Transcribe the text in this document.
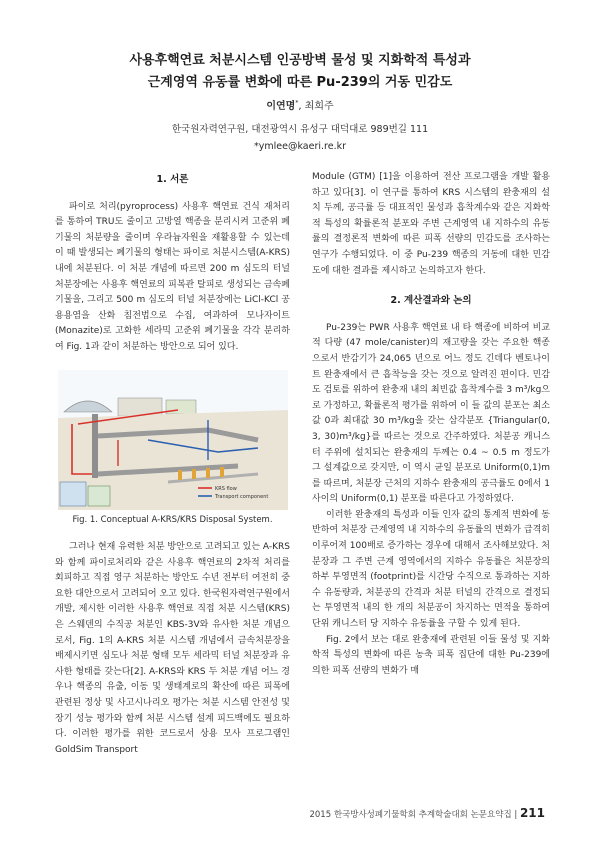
사용후핵연료 처분시스템 인공방벽 물성 및 지화학적 특성과
근계영역 유동률 변화에 따른 Pu-239의 거동 민감도
이연명*, 최희주
한국원자력연구원, 대전광역시 유성구 대덕대로 989번길 111
*ymlee@kaeri.re.kr
1. 서론

파이로 처리(pyroprocess) 사용후 핵연료 건식 재처리를 통하여 TRU도 줄이고 고방열 핵종을 분리시켜 고준위 폐기물의 처분량을 줄이며 우라늄자원을 재활용할 수 있는데 이 때 발생되는 폐기물의 형태는 파이로 처분시스템(A-KRS) 내에 처분된다. 이 처분 개념에 따르면 200 m 심도의 터널 처분장에는 사용후 핵연료의 피복관 탈피로 생성되는 금속폐기물을, 그리고 500 m 심도의 터널 처분장에는 LiCl-KCl 공용용염을 산화 침전법으로 수집, 여과하여 모나자이트 (Monazite)로 고화한 세라믹 고준위 폐기물을 각각 분리하여 Fig. 1과 같이 처분하는 방안으로 되어 있다.

KRS flow
Transport component
Fig. 1. Conceptual A-KRS/KRS Disposal System.

그러나 현재 유력한 처분 방안으로 고려되고 있는 A-KRS와 함께 파이로처리와 같은 사용후 핵연료의 2차적 처리를 회피하고 직접 영구 처분하는 방안도 수년 전부터 여전히 중요한 대안으로서 고려되어 오고 있다. 한국원자력연구원에서 개발, 제시한 이러한 사용후 핵연료 직접 처분 시스템(KRS)은 스웨덴의 수직공 처분인 KBS-3V와 유사한 처분 개념으로서, Fig. 1의 A-KRS 처분 시스템 개념에서 금속처분장을 배제시키면 심도나 처분 형태 모두 세라믹 터널 처분장과 유사한 형태를 갖는다[2]. A-KRS와 KRS 두 처분 개념 어느 경우나 핵종의 유출, 이동 및 생태계로의 확산에 따른 피폭에 관련된 정상 및 사고시나리오 평가는 처분 시스템 안전성 및 장기 성능 평가와 함께 처분 시스템 설계 피드백에도 필요하다. 이러한 평가를 위한 코드로서 상용 모사 프로그램인 GoldSim Transport

Module (GTM) [1]을 이용하여 전산 프로그램을 개발 활용하고 있다[3]. 이 연구를 통하여 KRS 시스템의 완충재의 설치 두께, 공극률 등 대표적인 물성과 흡착계수와 같은 지화학적 특성의 확률론적 분포와 주변 근계영역 내 지하수의 유동률의 결정론적 변화에 따른 피폭 선량의 민감도를 조사하는 연구가 수행되었다. 이 중 Pu-239 핵종의 거동에 대한 민감도에 대한 결과를 제시하고 논의하고자 한다.

2. 계산결과와 논의

Pu-239는 PWR 사용후 핵연료 내 타 핵종에 비하여 비교적 다량 (47 mole/canister)의 재고량을 갖는 주요한 핵종으로서 반감기가 24,065 년으로 어느 정도 긴데다 벤토나이트 완충재에서 큰 흡착능을 갖는 것으로 알려진 편이다. 민감도 검토를 위하여 완충재 내의 최빈값 흡착계수를 3 m³/kg으로 가정하고, 확률론적 평가를 위하여 이 들 값의 분포는 최소값 0과 최대값 30 m³/kg을 갖는 삼각분포 {Triangular(0, 3, 30)m³/kg}를 따르는 것으로 간주하였다. 처분공 캐니스터 주위에 설치되는 완충재의 두께는 0.4 ~ 0.5 m 정도가 그 설계값으로 갖지만, 이 역시 균일 분포로 Uniform(0,1)m를 따르며, 처분장 근처의 지하수 완충재의 공극률도 0에서 1사이의 Uniform(0,1) 분포를 따른다고 가정하였다.

이러한 완충재의 특성과 이들 인자 값의 통계적 변화에 동반하여 처분장 근계영역 내 지하수의 유동률의 변화가 급격히 이루어져 100배로 증가하는 경우에 대해서 조사해보았다. 처분장과 그 주변 근계 영역에서의 지하수 유동률은 처분장의 하부 투영면적 (footprint)를 시간당 수직으로 통과하는 지하수 유동량과, 처분공의 간격과 처분 터널의 간격으로 결정되는 투영면적 내의 한 개의 처분공이 차지하는 면적을 통하여 단위 캐니스터 당 지하수 유동률을 구할 수 있게 된다.

Fig. 2에서 보는 대로 완충재에 관련된 이들 물성 및 지화학적 특성의 변화에 따른 농축 피폭 집단에 대한 Pu-239에 의한 피폭 선량의 변화가 매

2015 한국방사성폐기물학회 추계학술대회 논문요약집 | 211
